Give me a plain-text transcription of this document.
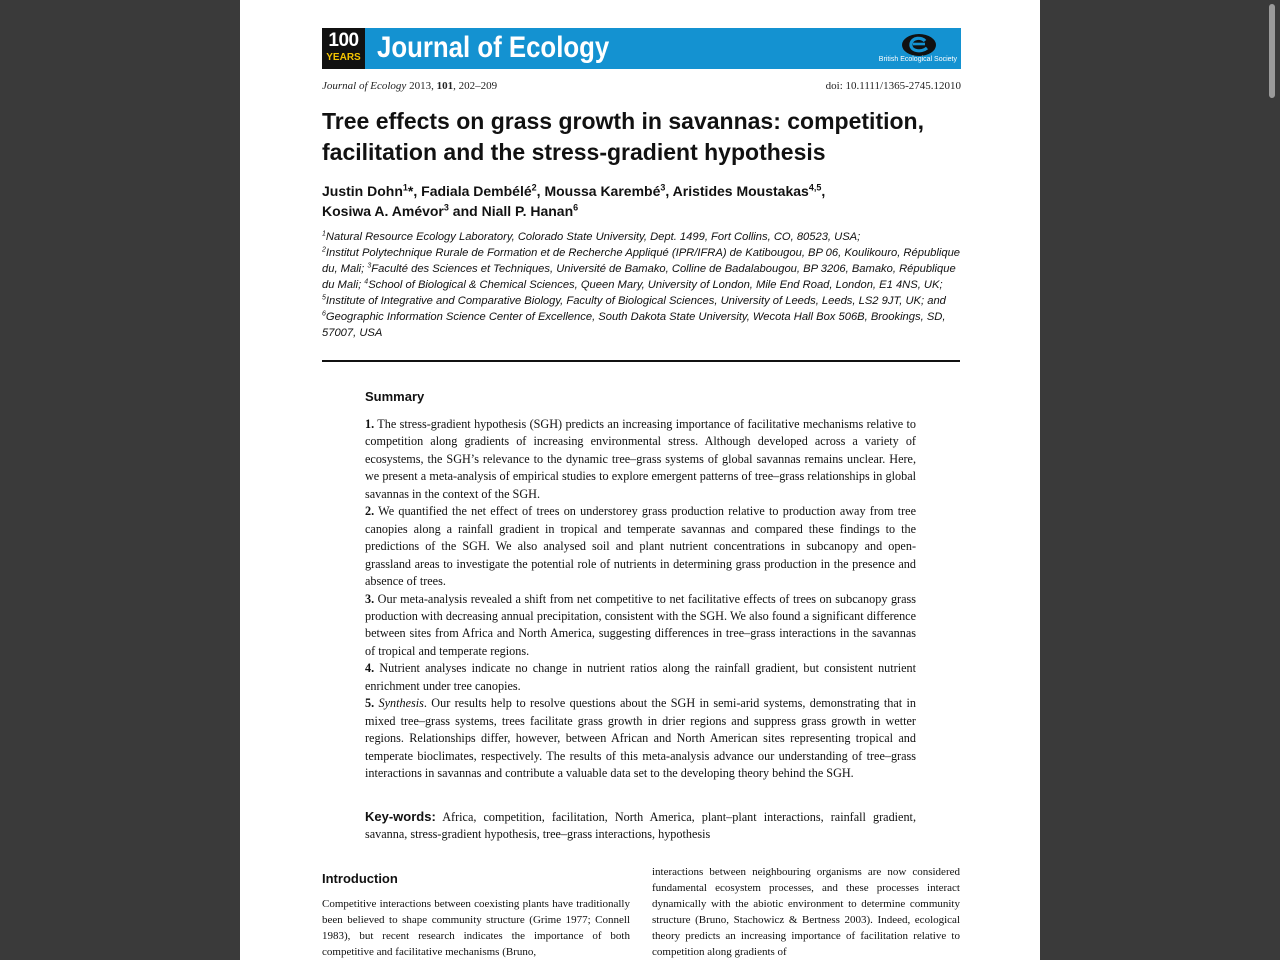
100
YEARS Journal of Ecology	British Ecological Society
Journal of Ecology 2013, 101, 202–209	doi: 10.1111/1365-2745.12010
Tree effects on grass growth in savannas: competition,
facilitation and the stress-gradient hypothesis
Justin Dohn$^1$*, Fadiala Dembélé$^2$, Moussa Karembé$^3$, Aristides Moustakas$^{4,5}$,
Kosiwa A. Amévor$^3$ and Niall P. Hanan$^6$
$^1$Natural Resource Ecology Laboratory, Colorado State University, Dept. 1499, Fort Collins, CO, 80523, USA;
$^2$Institut Polytechnique Rurale de Formation et de Recherche Appliqué (IPR/IFRA) de Katibougou, BP 06, Koulikouro, République du, Mali; $^3$Faculté des Sciences et Techniques, Université de Bamako, Colline de Badalabougou, BP 3206, Bamako, République du Mali; $^4$School of Biological & Chemical Sciences, Queen Mary, University of London, Mile End Road, London, E1 4NS, UK; $^5$Institute of Integrative and Comparative Biology, Faculty of Biological Sciences, University of Leeds, Leeds, LS2 9JT, UK; and $^6$Geographic Information Science Center of Excellence, South Dakota State University, Wecota Hall Box 506B, Brookings, SD, 57007, USA
Summary

1. The stress-gradient hypothesis (SGH) predicts an increasing importance of facilitative mechanisms relative to competition along gradients of increasing environmental stress. Although developed across a variety of ecosystems, the SGH’s relevance to the dynamic tree–grass systems of global savannas remains unclear. Here, we present a meta-analysis of empirical studies to explore emergent patterns of tree–grass relationships in global savannas in the context of the SGH.

2. We quantified the net effect of trees on understorey grass production relative to production away from tree canopies along a rainfall gradient in tropical and temperate savannas and compared these findings to the predictions of the SGH. We also analysed soil and plant nutrient concentrations in subcanopy and open-grassland areas to investigate the potential role of nutrients in determining grass production in the presence and absence of trees.

3. Our meta-analysis revealed a shift from net competitive to net facilitative effects of trees on subcanopy grass production with decreasing annual precipitation, consistent with the SGH. We also found a significant difference between sites from Africa and North America, suggesting differences in tree–grass interactions in the savannas of tropical and temperate regions.

4. Nutrient analyses indicate no change in nutrient ratios along the rainfall gradient, but consistent nutrient enrichment under tree canopies.

5. Synthesis. Our results help to resolve questions about the SGH in semi-arid systems, demonstrating that in mixed tree–grass systems, trees facilitate grass growth in drier regions and suppress grass growth in wetter regions. Relationships differ, however, between African and North American sites representing tropical and temperate bioclimates, respectively. The results of this meta-analysis advance our understanding of tree–grass interactions in savannas and contribute a valuable data set to the developing theory behind the SGH.

Key-words: Africa, competition, facilitation, North America, plant–plant interactions, rainfall gradient, savanna, stress-gradient hypothesis, tree–grass interactions, hypothesis
Introduction

Competitive interactions between coexisting plants have traditionally been believed to shape community structure (Grime 1977; Connell 1983), but recent research indicates the importance of both competitive and facilitative mechanisms (Bruno,

interactions between neighbouring organisms are now considered fundamental ecosystem processes, and these processes interact dynamically with the abiotic environment to determine community structure (Bruno, Stachowicz & Bertness 2003). Indeed, ecological theory predicts an increasing importance of facilitation relative to competition along gradients of
